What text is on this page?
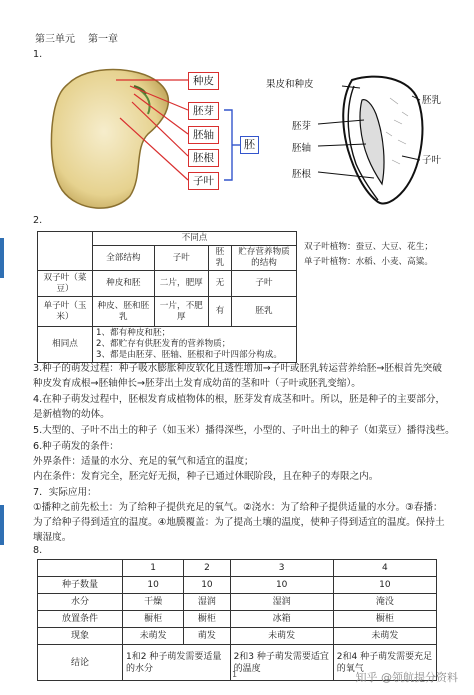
第三单元 第一章
1.
种皮
胚芽
胚轴
胚根
子叶
胚
果皮和种皮
胚乳
胚芽
胚轴
子叶
胚根
2.
	不同点			
	全部结构	子叶	胚乳	贮存营养物质的结构
双子叶（菜豆）	种皮和胚	二片，肥厚	无	子叶
单子叶（玉米）	种皮、胚和胚乳	一片，不肥厚	有	胚乳
相同点	1、都有种皮和胚；
2、都贮存有供胚发育的营养物质；
3、都是由胚芽、胚轴、胚根和子叶四部分构成。			
双子叶植物：蚕豆、大豆、花生；
单子叶植物：水稻、小麦、高粱。
3.种子的萌发过程：种子吸水膨胀种皮软化且透性增加→子叶或胚乳转运营养给胚→胚根首先突破
种皮发育成根→胚轴伸长→胚芽出土发育成幼苗的茎和叶（子叶或胚乳变缩）。
4.在种子萌发过程中，胚根发育成植物体的根，胚芽发育成茎和叶。所以，胚是种子的主要部分，
是新植物的幼体。
5.大型的、子叶不出土的种子（如玉米）播得深些，小型的、子叶出土的种子（如菜豆）播得浅些。
6.种子萌发的条件：
外界条件：适量的水分、充足的氧气和适宜的温度；
内在条件：发育完全，胚完好无损，种子已通过休眠阶段，且在种子的寿限之内。
7．实际应用：
①播种之前先松土：为了给种子提供充足的氧气。②浇水：为了给种子提供适量的水分。③春播：
为了给种子得到适宜的温度。④地膜覆盖：为了提高土壤的温度，使种子得到适宜的温度。保持土
壤湿度。
8.
	1	2	3	4
种子数量	10	10	10	10
水分	干燥	湿润	湿润	淹没
放置条件	橱柜	橱柜	冰箱	橱柜
现象	未萌发	萌发	未萌发	未萌发
结论	1和2 种子萌发需要适量的水分		2和3 种子萌发需要适宜的温度	2和4 种子萌发需要充足的氧气
1	知乎 @领航提分资料
